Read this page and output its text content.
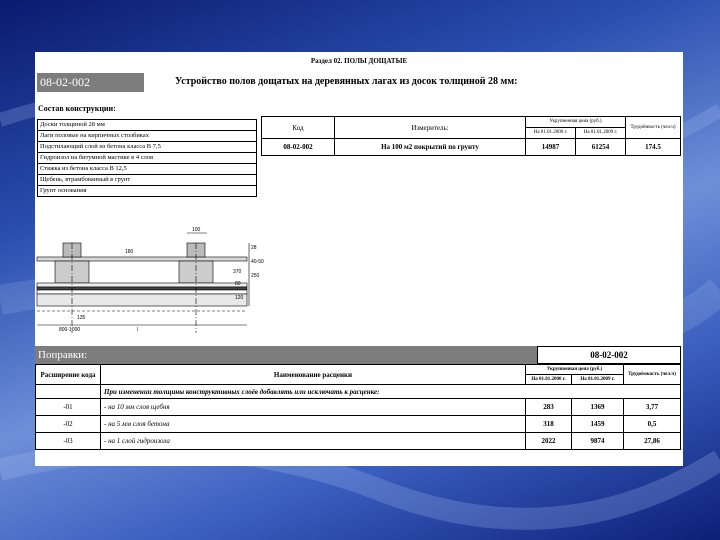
Раздел 02. ПОЛЫ ДОЩАТЫЕ
08-02-002	Устройство полов дощатых на деревянных лагах из досок толщиной 28 мм:
Состав конструкции:
Доски толщиной 28 мм
Лаги половые на кирпичных столбиках
Подстилающий слой из бетона класса В 7,5
Гидроизол на битумной мастике в 4 слоя
Стяжка из бетона класса В 12,5
Щебень, втрамбованный в грунт
Грунт основания
Код	Измеритель:	Укрупненная цена (руб.)		Трудоёмкость (чел.ч)
		На 01.01.2000 г.	На 01.01.2009 г.	
08-02-002	На 100 м2 покрытий по грунту	14987	61254	174.5
100
180
28
40-50
370
80
250
120
135
800-1000	l
Поправки:	08-02-002
Расширение кода	Наименование расценки	Укрупненная цена (руб.)		Трудоёмкость (чел.ч)
		На 01.01.2000 г.	На 01.01.2009 г.	
	При изменении толщины конструктивных слоёв добавлять или исключать к расценке:			
-01	- на 10 мм слоя щебня	283	1369	3,77
-02	- на 5 мм слоя бетона	318	1459	0,5
-03	- на 1 слой гидроизола	2022	9874	27,86
